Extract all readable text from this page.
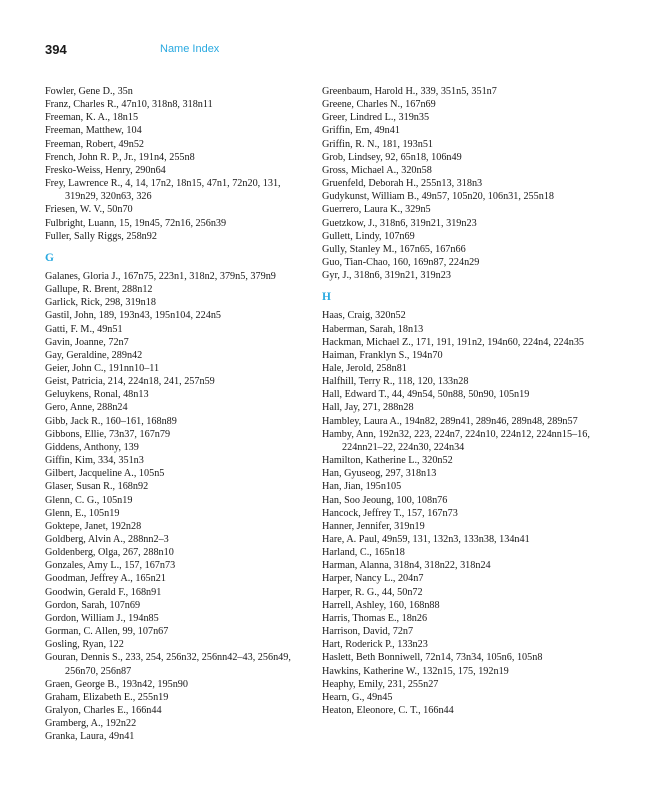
394	Name Index

Fowler, Gene D., 35n

Franz, Charles R., 47n10, 318n8, 318n11

Freeman, K. A., 18n15

Freeman, Matthew, 104

Freeman, Robert, 49n52

French, John R. P., Jr., 191n4, 255n8

Fresko-Weiss, Henry, 290n64

Frey, Lawrence R., 4, 14, 17n2, 18n15, 47n1, 72n20, 131, 319n29, 320n63, 326

Friesen, W. V., 50n70

Fulbright, Luann, 15, 19n45, 72n16, 256n39

Fuller, Sally Riggs, 258n92

G

Galanes, Gloria J., 167n75, 223n1, 318n2, 379n5, 379n9

Gallupe, R. Brent, 288n12

Garlick, Rick, 298, 319n18

Gastil, John, 189, 193n43, 195n104, 224n5

Gatti, F. M., 49n51

Gavin, Joanne, 72n7

Gay, Geraldine, 289n42

Geier, John C., 191nn10–11

Geist, Patricia, 214, 224n18, 241, 257n59

Geluykens, Ronal, 48n13

Gero, Anne, 288n24

Gibb, Jack R., 160–161, 168n89

Gibbons, Ellie, 73n37, 167n79

Giddens, Anthony, 139

Giffin, Kim, 334, 351n3

Gilbert, Jacqueline A., 105n5

Glaser, Susan R., 168n92

Glenn, C. G., 105n19

Glenn, E., 105n19

Goktepe, Janet, 192n28

Goldberg, Alvin A., 288nn2–3

Goldenberg, Olga, 267, 288n10

Gonzales, Amy L., 157, 167n73

Goodman, Jeffrey A., 165n21

Goodwin, Gerald F., 168n91

Gordon, Sarah, 107n69

Gordon, William J., 194n85

Gorman, C. Allen, 99, 107n67

Gosling, Ryan, 122

Gouran, Dennis S., 233, 254, 256n32, 256nn42–43, 256n49, 256n70, 256n87

Graen, George B., 193n42, 195n90

Graham, Elizabeth E., 255n19

Gralyon, Charles E., 166n44

Gramberg, A., 192n22

Granka, Laura, 49n41

Greenbaum, Harold H., 339, 351n5, 351n7

Greene, Charles N., 167n69

Greer, Lindred L., 319n35

Griffin, Em, 49n41

Griffin, R. N., 181, 193n51

Grob, Lindsey, 92, 65n18, 106n49

Gross, Michael A., 320n58

Gruenfeld, Deborah H., 255n13, 318n3

Gudykunst, William B., 49n57, 105n20, 106n31, 255n18

Guerrero, Laura K., 329n5

Guetzkow, J., 318n6, 319n21, 319n23

Gullett, Lindy, 107n69

Gully, Stanley M., 167n65, 167n66

Guo, Tian-Chao, 160, 169n87, 224n29

Gyr, J., 318n6, 319n21, 319n23

H

Haas, Craig, 320n52

Haberman, Sarah, 18n13

Hackman, Michael Z., 171, 191, 191n2, 194n60, 224n4, 224n35

Haiman, Franklyn S., 194n70

Hale, Jerold, 258n81

Halfhill, Terry R., 118, 120, 133n28

Hall, Edward T., 44, 49n54, 50n88, 50n90, 105n19

Hall, Jay, 271, 288n28

Hambley, Laura A., 194n82, 289n41, 289n46, 289n48, 289n57

Hamby, Ann, 192n32, 223, 224n7, 224n10, 224n12, 224nn15–16, 224nn21–22, 224n30, 224n34

Hamilton, Katherine L., 320n52

Han, Gyuseog, 297, 318n13

Han, Jian, 195n105

Han, Soo Jeoung, 100, 108n76

Hancock, Jeffrey T., 157, 167n73

Hanner, Jennifer, 319n19

Hare, A. Paul, 49n59, 131, 132n3, 133n38, 134n41

Harland, C., 165n18

Harman, Alanna, 318n4, 318n22, 318n24

Harper, Nancy L., 204n7

Harper, R. G., 44, 50n72

Harrell, Ashley, 160, 168n88

Harris, Thomas E., 18n26

Harrison, David, 72n7

Hart, Roderick P., 133n23

Haslett, Beth Bonniwell, 72n14, 73n34, 105n6, 105n8

Hawkins, Katherine W., 132n15, 175, 192n19

Heaphy, Emily, 231, 255n27

Hearn, G., 49n45

Heaton, Eleonore, C. T., 166n44
